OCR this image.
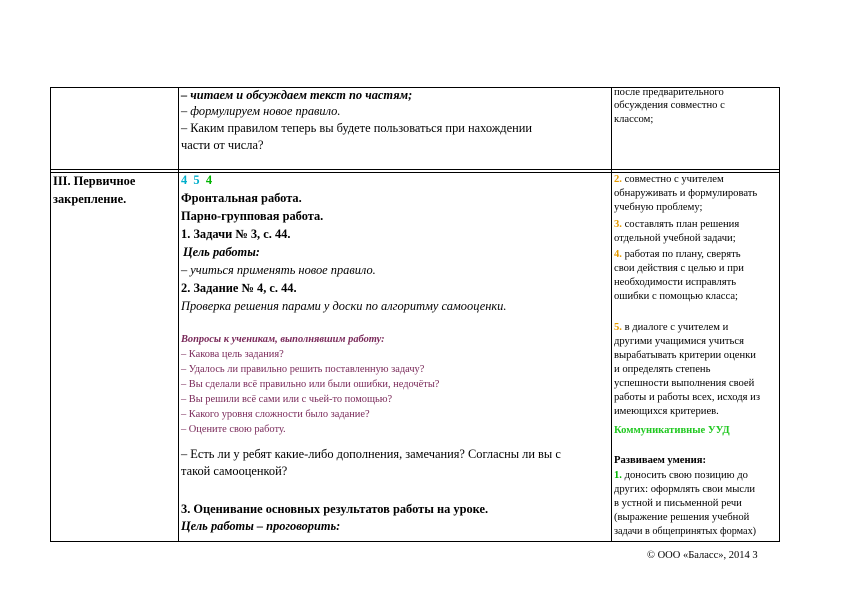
– читаем и обсуждаем текст по частям;
– формулируем новое правило.
– Каким правилом теперь вы будете пользоваться при нахождении
части от числа?
после предварительного
обсуждения совместно с
классом;
III. Первичное
закрепление.
4 5 4
Фронтальная работа.
Парно-групповая работа.
1. Задачи № 3, с. 44.
Цель работы:
– учиться применять новое правило.
2. Задание № 4, с. 44.
Проверка решения парами у доски по алгоритму самооценки.
Вопросы к ученикам, выполнявшим работу:
– Какова цель задания?
– Удалось ли правильно решить поставленную задачу?
– Вы сделали всё правильно или были ошибки, недочёты?
– Вы решили всё сами или с чьей-то помощью?
– Какого уровня сложности было задание?
– Оцените свою работу.
– Есть ли у ребят какие-либо дополнения, замечания? Согласны ли вы с
такой самооценкой?
3. Оценивание основных результатов работы на уроке.
Цель работы – проговорить:
2. совместно с учителем
обнаруживать и формулировать
учебную проблему;
3. составлять план решения
отдельной учебной задачи;
4. работая по плану, сверять
свои действия с целью и при
необходимости исправлять
ошибки с помощью класса;
5. в диалоге с учителем и
другими учащимися учиться
вырабатывать критерии оценки
и определять степень
успешности выполнения своей
работы и работы всех, исходя из
имеющихся критериев.
Коммуникативные УУД
Развиваем умения:
1. доносить свою позицию до
других: оформлять свои мысли
в устной и письменной речи
(выражение решения учебной
задачи в общепринятых формах)
© ООО «Баласс», 2014 3
